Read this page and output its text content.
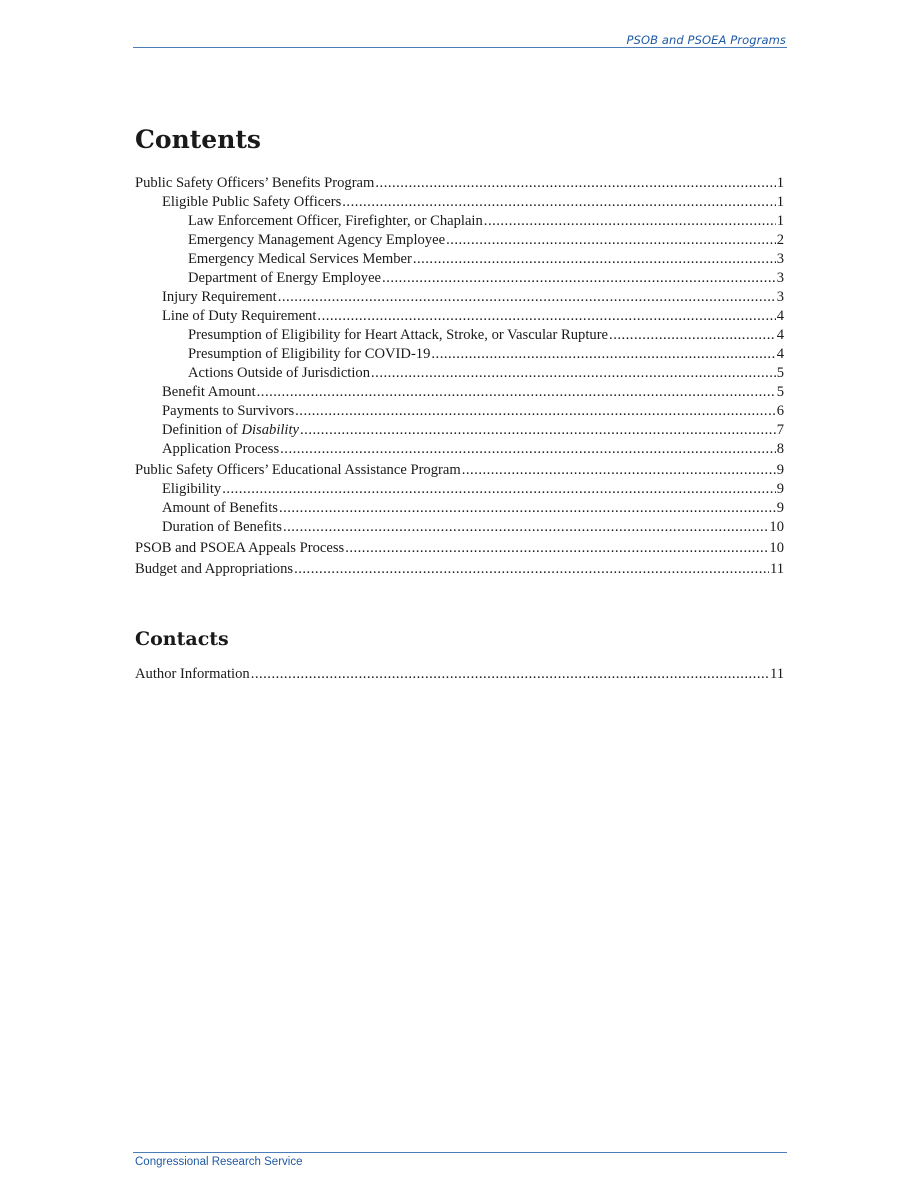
PSOB and PSOEA Programs
Contents
Public Safety Officers’ Benefits Program .....	1
Eligible Public Safety Officers .....	1
Law Enforcement Officer, Firefighter, or Chaplain .....	1
Emergency Management Agency Employee .....	2
Emergency Medical Services Member .....	3
Department of Energy Employee .....	3
Injury Requirement .....	3
Line of Duty Requirement .....	4
Presumption of Eligibility for Heart Attack, Stroke, or Vascular Rupture .....	4
Presumption of Eligibility for COVID-19 .....	4
Actions Outside of Jurisdiction .....	5
Benefit Amount .....	5
Payments to Survivors .....	6
Definition of Disability .....	7
Application Process .....	8
Public Safety Officers’ Educational Assistance Program .....	9
Eligibility .....	9
Amount of Benefits .....	9
Duration of Benefits .....	10
PSOB and PSOEA Appeals Process .....	10
Budget and Appropriations .....	11
Contacts
Author Information .....	11
Congressional Research Service
